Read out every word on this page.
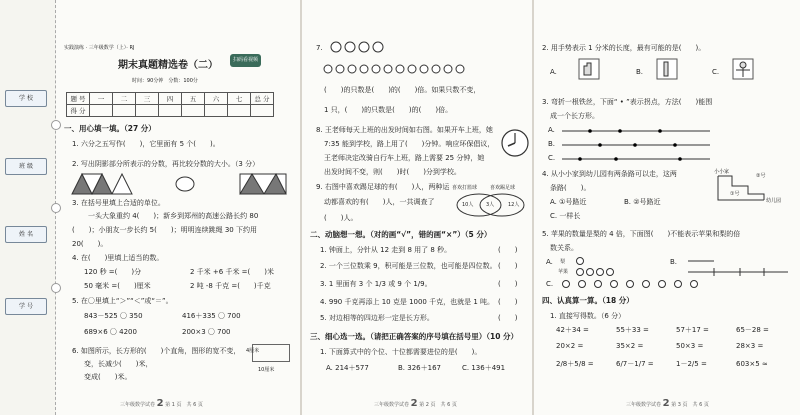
学 校
班 级
姓 名
学 号
实践演练 · 三年级数学（上）· RJ
期末真题精选卷（二）	扫码看视频
时间：90分钟　分数：100分
题 号	一	二	三	四	五	六	七	总 分
得 分								
一、用心填一填。（27 分）
1. 六分之五写作(　　)，它里面有 5 个(　　)。
2. 写出阴影部分所表示的分数，再比较分数的大小。（3 分）
3. 在括号里填上合适的单位。
一头大象重约 4(　　)；新乡到郑州的高速公路长约 80
(　　)；小朋友一步长约 5(　　)；明明连续跳绳 30 下约用
20(　　)。
4. 在(　　)里填上适当的数。
120 秒 =(　　)分	2 千米 +6 千米 =(　　)米
50 毫米 =(　　)厘米	2 吨 -8 千克 =(　　)千克
5. 在〇里填上“＞”“＜”或“＝”。
843－525 〇 350	416＋335 〇 700
689×6 〇 4200	200×3 〇 700
6. 如图所示，长方形的(　　)个直角，图形的宽不变，
变，长减少(　　)米，
变成(　　)米。
4厘米
10厘米
三年级数学试卷 2 第 1 页　共 6 页
7.
(　　)的只数是(　　)的(　　)倍。如果只数不变，
1 只，(　　)的只数是(　　)的(　　)倍。
8. 王老师每天上班的出发时间如右图。如果开车上班，她
7:35 能到学校，路上用了(　　)分钟。响应环保倡议，
王老师决定改骑自行车上班，路上需要 25 分钟，她
出发时间不变，则(　　)时(　　)分到学校。
9. 右图中喜欢踢足球的有(　　)人，两种运
动都喜欢的有(　　)人，一共调查了
(　　)人。
喜欢打篮球	喜欢踢足球
10人	3人	12人
二、动脑想一想。（对的画“√”，错的画“×”）（5 分）
1. 钟面上，分针从 12 走到 8 用了 8 秒。	(　　)
2. 一个三位数乘 9，积可能是三位数，也可能是四位数。 (　　)
3. 1 里面有 3 个 1/3 或 9 个 1/9。	(　　)
4. 990 千克再添上 10 克是 1000 千克，也就是 1 吨。 (　　)
5. 对边相等的四边形一定是长方形。	(　　)
三、细心选一选。（请把正确答案的序号填在括号里）（10 分）
1. 下面算式中的个位、十位都需要进位的是(　　)。
A. 214＋577	B. 326＋167	C. 136＋491
三年级数学试卷 2 第 2 页　共 6 页
2. 用手势表示 1 分米的长度，最有可能的是(　　)。
A.	B.	C.
3. 弯折一根铁丝，下面“ • ”表示拐点，方法(　　)能围
成一个长方形。
A.
B.
C.
4. 从小小家到幼儿园有两条路可以走，这两
条路(　　)。
A. ①号路近	B. ②号路近
C. 一样长
小小家
②号
①号
幼儿园
5. 苹果的数量是梨的 4 倍，下面图(　　)不能表示苹果和梨的倍
数关系。
A. 梨
苹果
B.
C.
四、认真算一算。（18 分）
1. 直接写得数。（6 分）
42＋34 =	55＋33 =	57＋17 =	65－28 =
20×2 =	35×2 =	50×3 =	28×3 =
2/8＋5/8 =	6/7－1/7 =	1－2/5 =	603×5 ≈
三年级数学试卷 2 第 3 页　共 6 页
